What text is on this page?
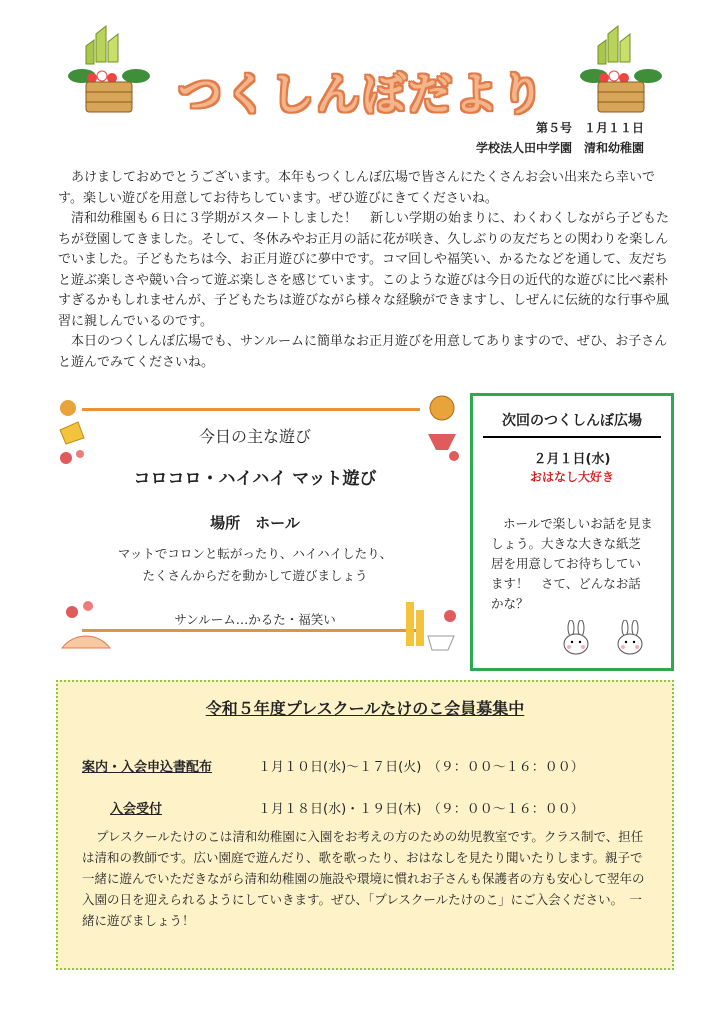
つくしんぼだより
第５号　１月１１日
学校法人田中学園　清和幼稚園

あけましておめでとうございます。本年もつくしんぼ広場で皆さんにたくさんお会い出来たら幸いです。楽しい遊びを用意してお待ちしています。ぜひ遊びにきてくださいね。

清和幼稚園も６日に３学期がスタートしました！　新しい学期の始まりに、わくわくしながら子どもたちが登園してきました。そして、冬休みやお正月の話に花が咲き、久しぶりの友だちとの関わりを楽しんでいました。子どもたちは今、お正月遊びに夢中です。コマ回しや福笑い、かるたなどを通して、友だちと遊ぶ楽しさや競い合って遊ぶ楽しさを感じています。このような遊びは今日の近代的な遊びに比べ素朴すぎるかもしれませんが、子どもたちは遊びながら様々な経験ができますし、しぜんに伝統的な行事や風習に親しんでいるのです。

本日のつくしんぼ広場でも、サンルームに簡単なお正月遊びを用意してありますので、ぜひ、お子さんと遊んでみてくださいね。

今日の主な遊び
コロコロ・ハイハイ マット遊び
場所　ホール
マットでコロンと転がったり、ハイハイしたり、
たくさんからだを動かして遊びましょう
サンルーム…かるた・福笑い
次回のつくしんぼ広場
２月１日(水)
おはなし大好き
ホールで楽しいお話を見ましょう。大きな大きな紙芝居を用意してお待ちしています！　さて、どんなお話かな？
令和５年度プレスクールたけのこ会員募集中
案内・入会申込書配布	１月１０日(水)～１７日(火)　（９：００～１６：００）
入会受付	１月１８日(水)・１９日(木)　（９：００～１６：００）
プレスクールたけのこは清和幼稚園に入園をお考えの方のための幼児教室です。クラス制で、担任は清和の教師です。広い園庭で遊んだり、歌を歌ったり、おはなしを見たり聞いたりします。親子で一緒に遊んでいただきながら清和幼稚園の施設や環境に慣れお子さんも保護者の方も安心して翌年の入園の日を迎えられるようにしていきます。ぜひ、「プレスクールたけのこ」にご入会ください。　一緒に遊びましょう！
